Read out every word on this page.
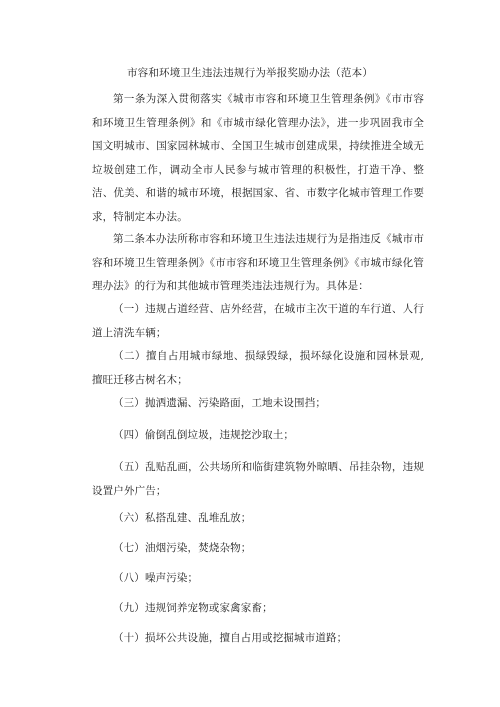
市容和环境卫生违法违规行为举报奖励办法（范本）
第一条为深入贯彻落实《城市市容和环境卫生管理条例》《市市容和环境卫生管理条例》和《市城市绿化管理办法》，进一步巩固我市全国文明城市、国家园林城市、全国卫生城市创建成果，持续推进全域无垃圾创建工作，调动全市人民参与城市管理的积极性，打造干净、整洁、优美、和谐的城市环境，根据国家、省、市数字化城市管理工作要求，特制定本办法。
第二条本办法所称市容和环境卫生违法违规行为是指违反《城市市容和环境卫生管理条例》《市市容和环境卫生管理条例》《市城市绿化管理办法》的行为和其他城市管理类违法违规行为。具体是：
（一）违规占道经营、店外经营，在城市主次干道的车行道、人行道上清洗车辆；
（二）擅自占用城市绿地、损绿毁绿，损坏绿化设施和园林景观,擅旺迁移古树名木；
（三）抛洒遗漏、污染路面，工地未设围挡；
（四）偷倒乱倒垃圾，违规挖沙取土；
（五）乱贴乱画，公共场所和临街建筑物外晾晒、吊挂杂物，违规设置户外广告；
（六）私搭乱建、乱堆乱放；
（七）油烟污染，焚烧杂物；
（八）噪声污染；
（九）违规饲养宠物或家禽家畜；
（十）损坏公共设施，擅自占用或挖掘城市道路；
